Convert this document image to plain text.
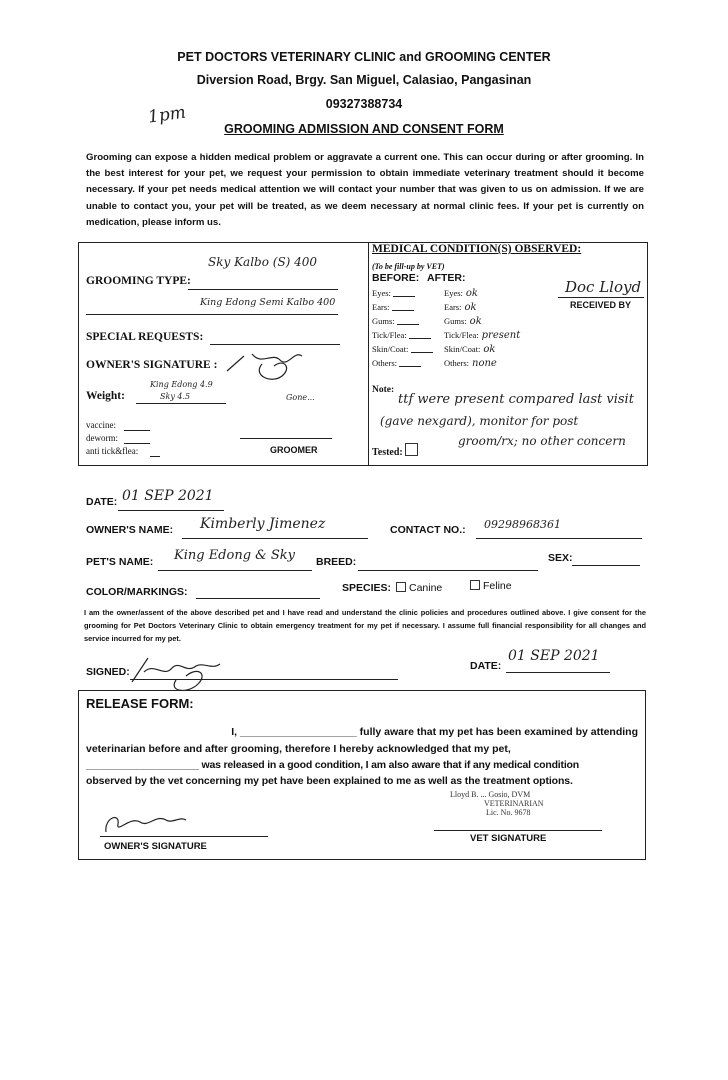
PET DOCTORS VETERINARY CLINIC and GROOMING CENTER
Diversion Road, Brgy. San Miguel, Calasiao, Pangasinan
09327388734
1pm
GROOMING ADMISSION AND CONSENT FORM
Grooming can expose a hidden medical problem or aggravate a current one. This can occur during or after grooming. In the best interest for your pet, we request your permission to obtain immediate veterinary treatment should it become necessary. If your pet needs medical attention we will contact your number that was given to us on admission. If we are unable to contact you, your pet will be treated, as we deem necessary at normal clinic fees. If your pet is currently on medication, please inform us.
GROOMING TYPE:
Sky Kalbo (S) 400
King Edong Semi Kalbo 400
SPECIAL REQUESTS:
OWNER'S SIGNATURE :
Weight:
King Edong 4.9
Sky 4.5	Gone...
vaccine:
deworm:
anti tick&flea:	GROOMER
MEDICAL CONDITION(S) OBSERVED:
(To be fill-up by VET)
BEFORE: AFTER:
Eyes:	Eyes: ok
Ears:	Ears: ok
Gums:	Gums: ok
Tick/Flea:	Tick/Flea: present
Skin/Coat:	Skin/Coat: ok
Others:	Others: none
Doc Lloyd
RECEIVED BY
Note:
ttf were present compared last visit
(gave nexgard), monitor for post
groom/rx; no other concern
Tested:
DATE: 01 SEP 2021
OWNER'S NAME: Kimberly Jimenez	CONTACT NO.: 09298968361
PET'S NAME: King Edong & Sky BREED:	SEX:
COLOR/MARKINGS:	SPECIES:	Canine	Feline
I am the owner/assent of the above described pet and I have read and understand the clinic policies and procedures outlined above. I give consent for the grooming for Pet Doctors Veterinary Clinic to obtain emergency treatment for my pet if necessary. I assume full financial responsibility for all changes and service incurred for my pet.
SIGNED:	DATE:
01 SEP 2021
RELEASE FORM:
I, ____________________ fully aware that my pet has been examined by attending
veterinarian before and after grooming, therefore I hereby acknowledged that my pet,
____________________ was released in a good condition, I am also aware that if any medical condition
observed by the vet concerning my pet have been explained to me as well as the treatment options.
Lloyd B. ... Gosio, DVM
VETERINARIAN
Lic. No. 9678
OWNER'S SIGNATURE
VET SIGNATURE
